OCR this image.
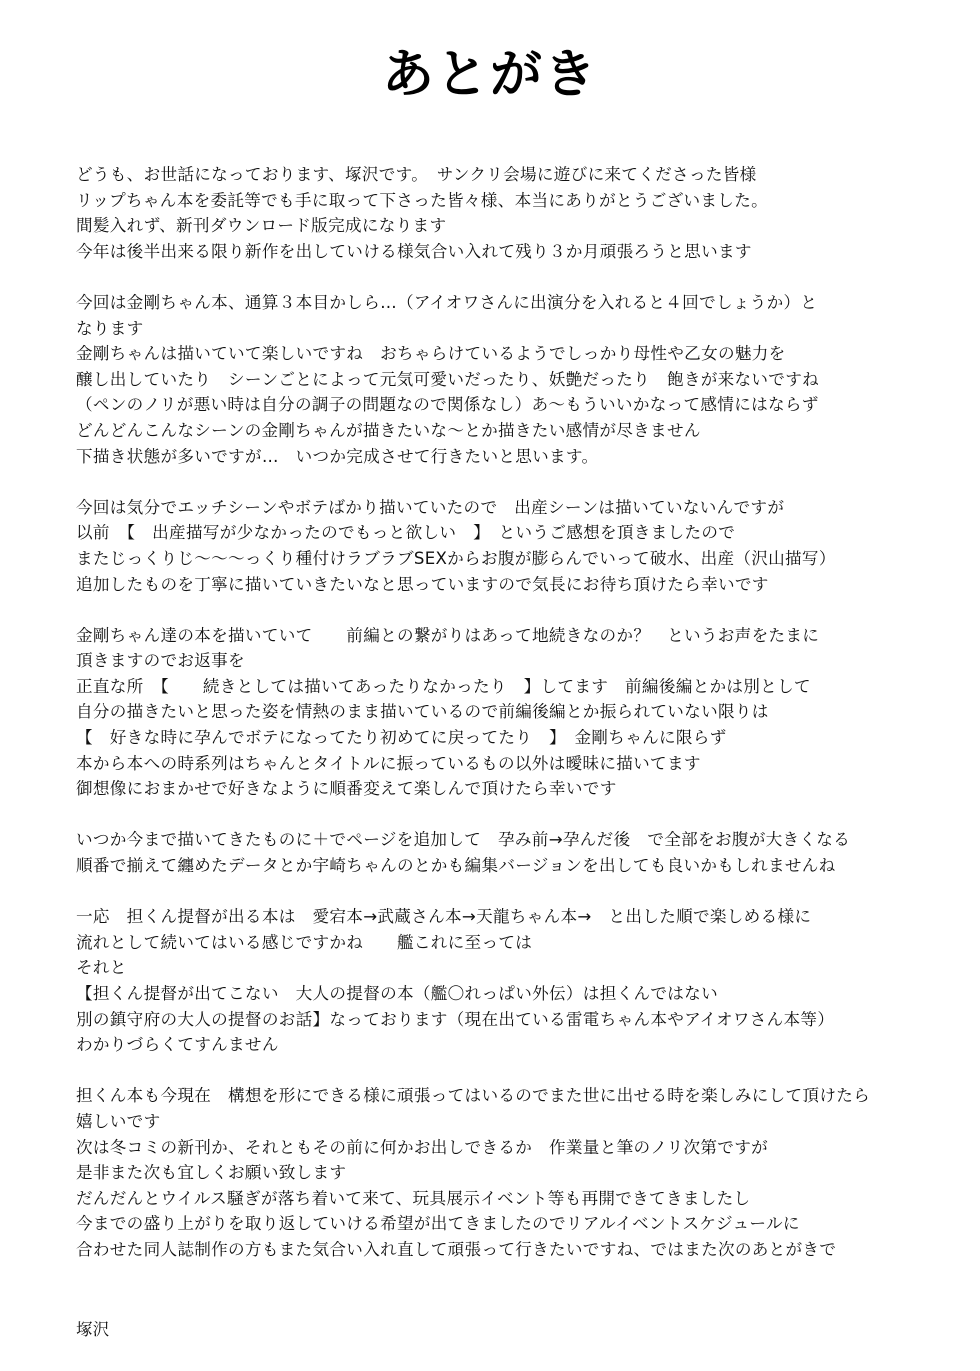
あとがき
どうも、お世話になっております、塚沢です。　サンクリ会場に遊びに来てくださった皆様
リップちゃん本を委託等でも手に取って下さった皆々様、本当にありがとうございました。
間髪入れず、新刊ダウンロード版完成になります
今年は後半出来る限り新作を出していける様気合い入れて残り３か月頑張ろうと思います
今回は金剛ちゃん本、通算３本目かしら…（アイオワさんに出演分を入れると４回でしょうか）と
なります
金剛ちゃんは描いていて楽しいですね　おちゃらけているようでしっかり母性や乙女の魅力を
醸し出していたり　シーンごとによって元気可愛いだったり、妖艶だったり　飽きが来ないですね
（ペンのノリが悪い時は自分の調子の問題なので関係なし）あ～もういいかなって感情にはならず
どんどんこんなシーンの金剛ちゃんが描きたいな～とか描きたい感情が尽きません
下描き状態が多いですが…　いつか完成させて行きたいと思います。
今回は気分でエッチシーンやボテばかり描いていたので　出産シーンは描いていないんですが
以前　【　出産描写が少なかったのでもっと欲しい　】　というご感想を頂きましたので
またじっくりじ～～～っくり種付けラブラブSEXからお腹が膨らんでいって破水、出産（沢山描写）
追加したものを丁寧に描いていきたいなと思っていますので気長にお待ち頂けたら幸いです
金剛ちゃん達の本を描いていて　　前編との繋がりはあって地続きなのか？　というお声をたまに
頂きますのでお返事を
正直な所　【　　続きとしては描いてあったりなかったり　】してます　前編後編とかは別として
自分の描きたいと思った姿を情熱のまま描いているので前編後編とか振られていない限りは
【　好きな時に孕んでボテになってたり初めてに戻ってたり　】　金剛ちゃんに限らず
本から本への時系列はちゃんとタイトルに振っているもの以外は曖昧に描いてます
御想像におまかせで好きなように順番変えて楽しんで頂けたら幸いです
いつか今まで描いてきたものに＋でページを追加して　孕み前→孕んだ後　で全部をお腹が大きくなる
順番で揃えて纏めたデータとか宇崎ちゃんのとかも編集バージョンを出しても良いかもしれませんね
一応　担くん提督が出る本は　愛宕本→武蔵さん本→天龍ちゃん本→　と出した順で楽しめる様に
流れとして続いてはいる感じですかね　　艦これに至っては
それと
【担くん提督が出てこない　大人の提督の本（艦〇れっぱい外伝）は担くんではない
別の鎮守府の大人の提督のお話】なっております（現在出ている雷電ちゃん本やアイオワさん本等）
わかりづらくてすんません
担くん本も今現在　構想を形にできる様に頑張ってはいるのでまた世に出せる時を楽しみにして頂けたら
嬉しいです
次は冬コミの新刊か、それともその前に何かお出しできるか　作業量と筆のノリ次第ですが
是非また次も宜しくお願い致します
だんだんとウイルス騒ぎが落ち着いて来て、玩具展示イベント等も再開できてきましたし
今までの盛り上がりを取り返していける希望が出てきましたのでリアルイベントスケジュールに
合わせた同人誌制作の方もまた気合い入れ直して頑張って行きたいですね、ではまた次のあとがきで
塚沢
